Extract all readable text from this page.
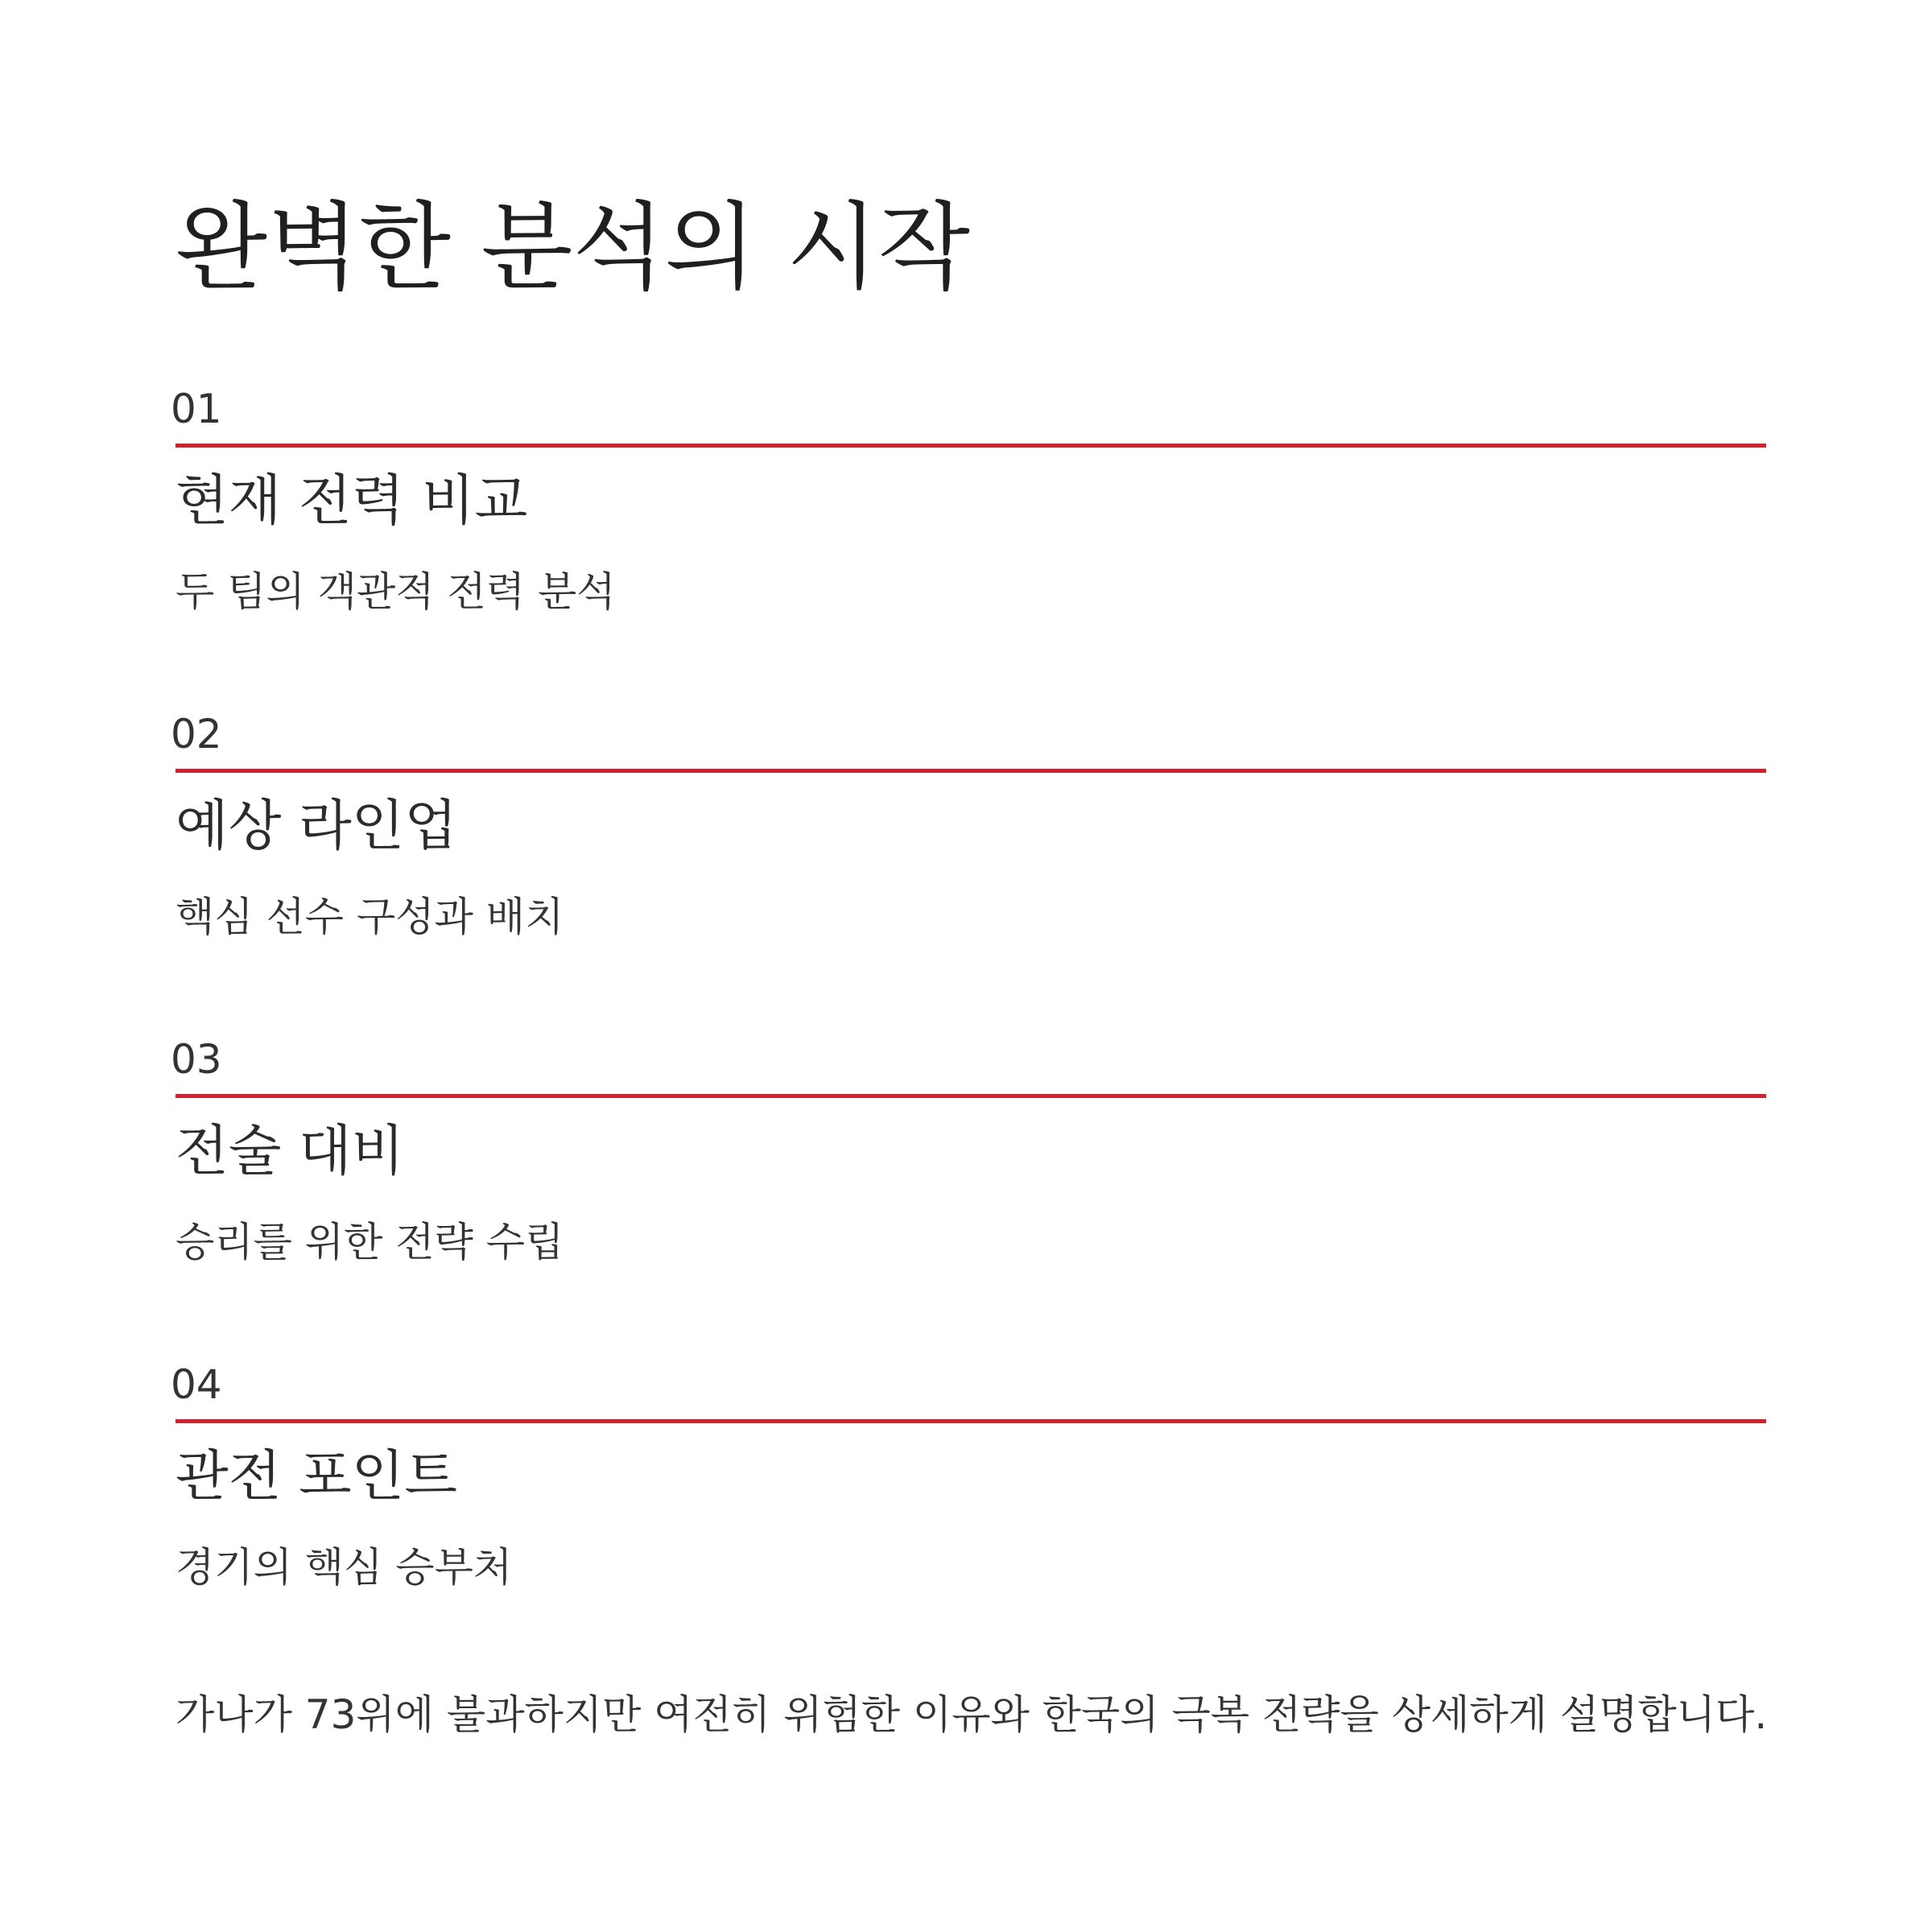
완벽한 분석의 시작
01
현재 전력 비교
두 팀의 객관적 전력 분석
02
예상 라인업
핵심 선수 구성과 배치
03
전술 대비
승리를 위한 전략 수립
04
관전 포인트
경기의 핵심 승부처
가나가 73위에 불과하지만 여전히 위험한 이유와 한국의 극복 전략을 상세하게 설명합니다.
